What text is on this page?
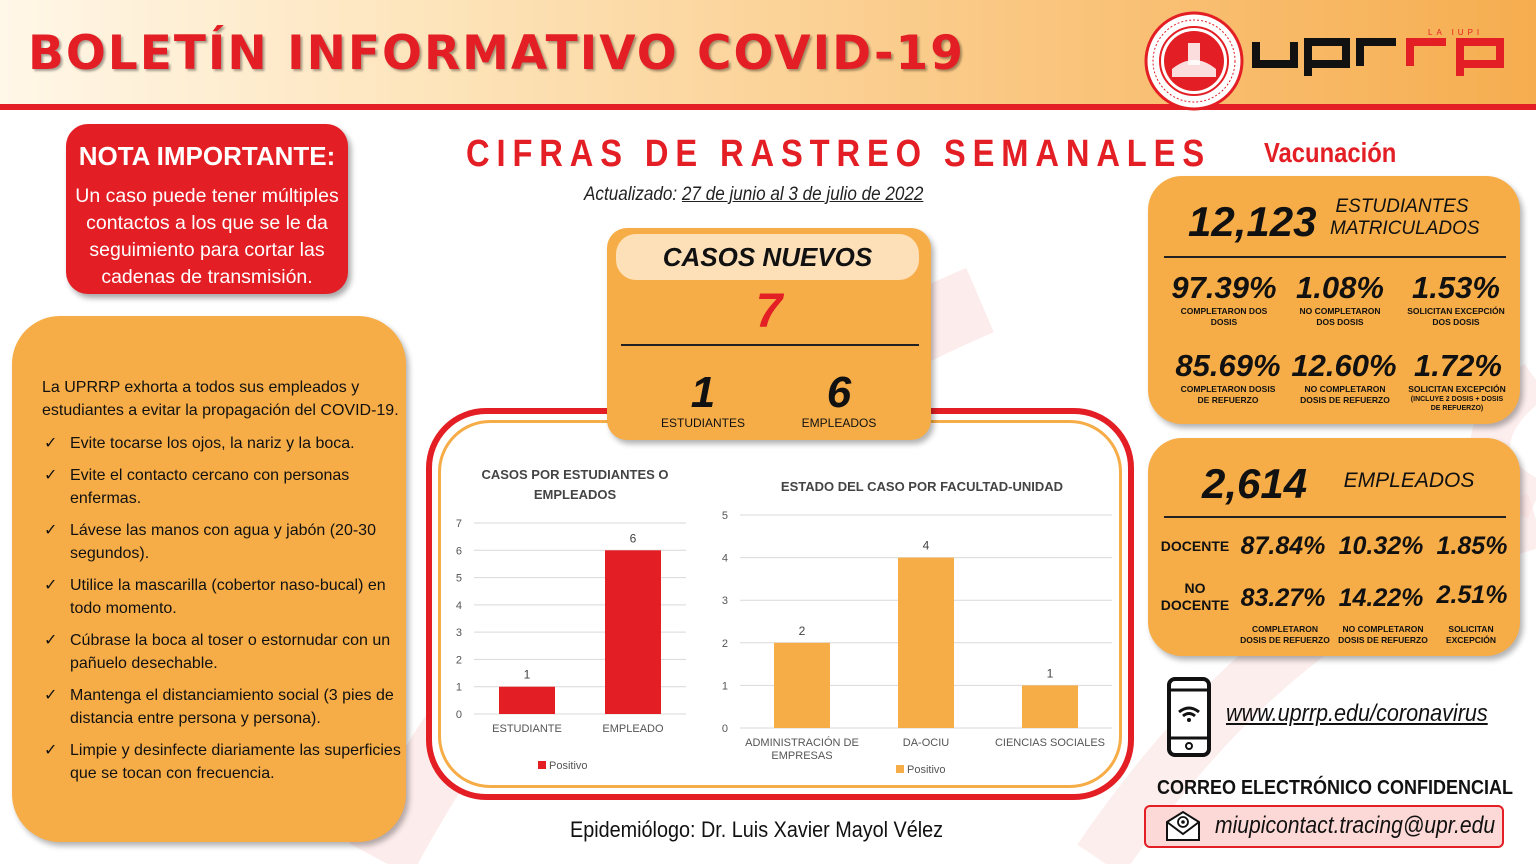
BOLETÍN INFORMATIVO COVID-19	LA IUPI
NOTA IMPORTANTE:

Un caso puede tener múltiples contactos a los que se le da seguimiento para cortar las cadenas de transmisión.

La UPRRP exhorta a todos sus empleados y estudiantes a evitar la propagación del COVID-19.
✓ Evite tocarse los ojos, la nariz y la boca.
✓ Evite el contacto cercano con personas enfermas.
✓ Lávese las manos con agua y jabón (20-30 segundos).
✓ Utilice la mascarilla (cobertor naso-bucal) en todo momento.
✓ Cúbrase la boca al toser o estornudar con un pañuelo desechable.
✓ Mantenga el distanciamiento social (3 pies de distancia entre persona y persona).
✓ Limpie y desinfecte diariamente las superficies que se tocan con frecuencia.
CIFRAS DE RASTREO SEMANALES
Actualizado: 27 de junio al 3 de julio de 2022
CASOS POR ESTUDIANTES O EMPLEADOS
0
1
2
3
4
5
6
7
1
ESTUDIANTE
6
EMPLEADO
Positivo
ESTADO DEL CASO POR FACULTAD-UNIDAD
0
1
2
3
4
5
2
ADMINISTRACIÓN DE EMPRESAS
4
DA-OCIU
1
CIENCIAS SOCIALES
Positivo
CASOS NUEVOS
7
1
ESTUDIANTES
6
EMPLEADOS
Epidemiólogo: Dr. Luis Xavier Mayol Vélez
Vacunación
12,123 ESTUDIANTES MATRICULADOS
97.39%
COMPLETARON DOS DOSIS
1.08%
NO COMPLETARON DOS DOSIS
1.53%
SOLICITAN EXCEPCIÓN DOS DOSIS
85.69%
COMPLETARON DOSIS DE REFUERZO
12.60%
NO COMPLETARON DOSIS DE REFUERZO
1.72%
SOLICITAN EXCEPCIÓN
(INCLUYE 2 DOSIS + DOSIS DE REFUERZO)
2,614 EMPLEADOS
DOCENTE 87.84% 10.32% 1.85%
NO DOCENTE 83.27% 14.22% 2.51%
COMPLETARON DOSIS DE REFUERZO
NO COMPLETARON DOSIS DE REFUERZO
SOLICITAN EXCEPCIÓN
www.uprrp.edu/coronavirus
CORREO ELECTRÓNICO CONFIDENCIAL
miupicontact.tracing@upr.edu
